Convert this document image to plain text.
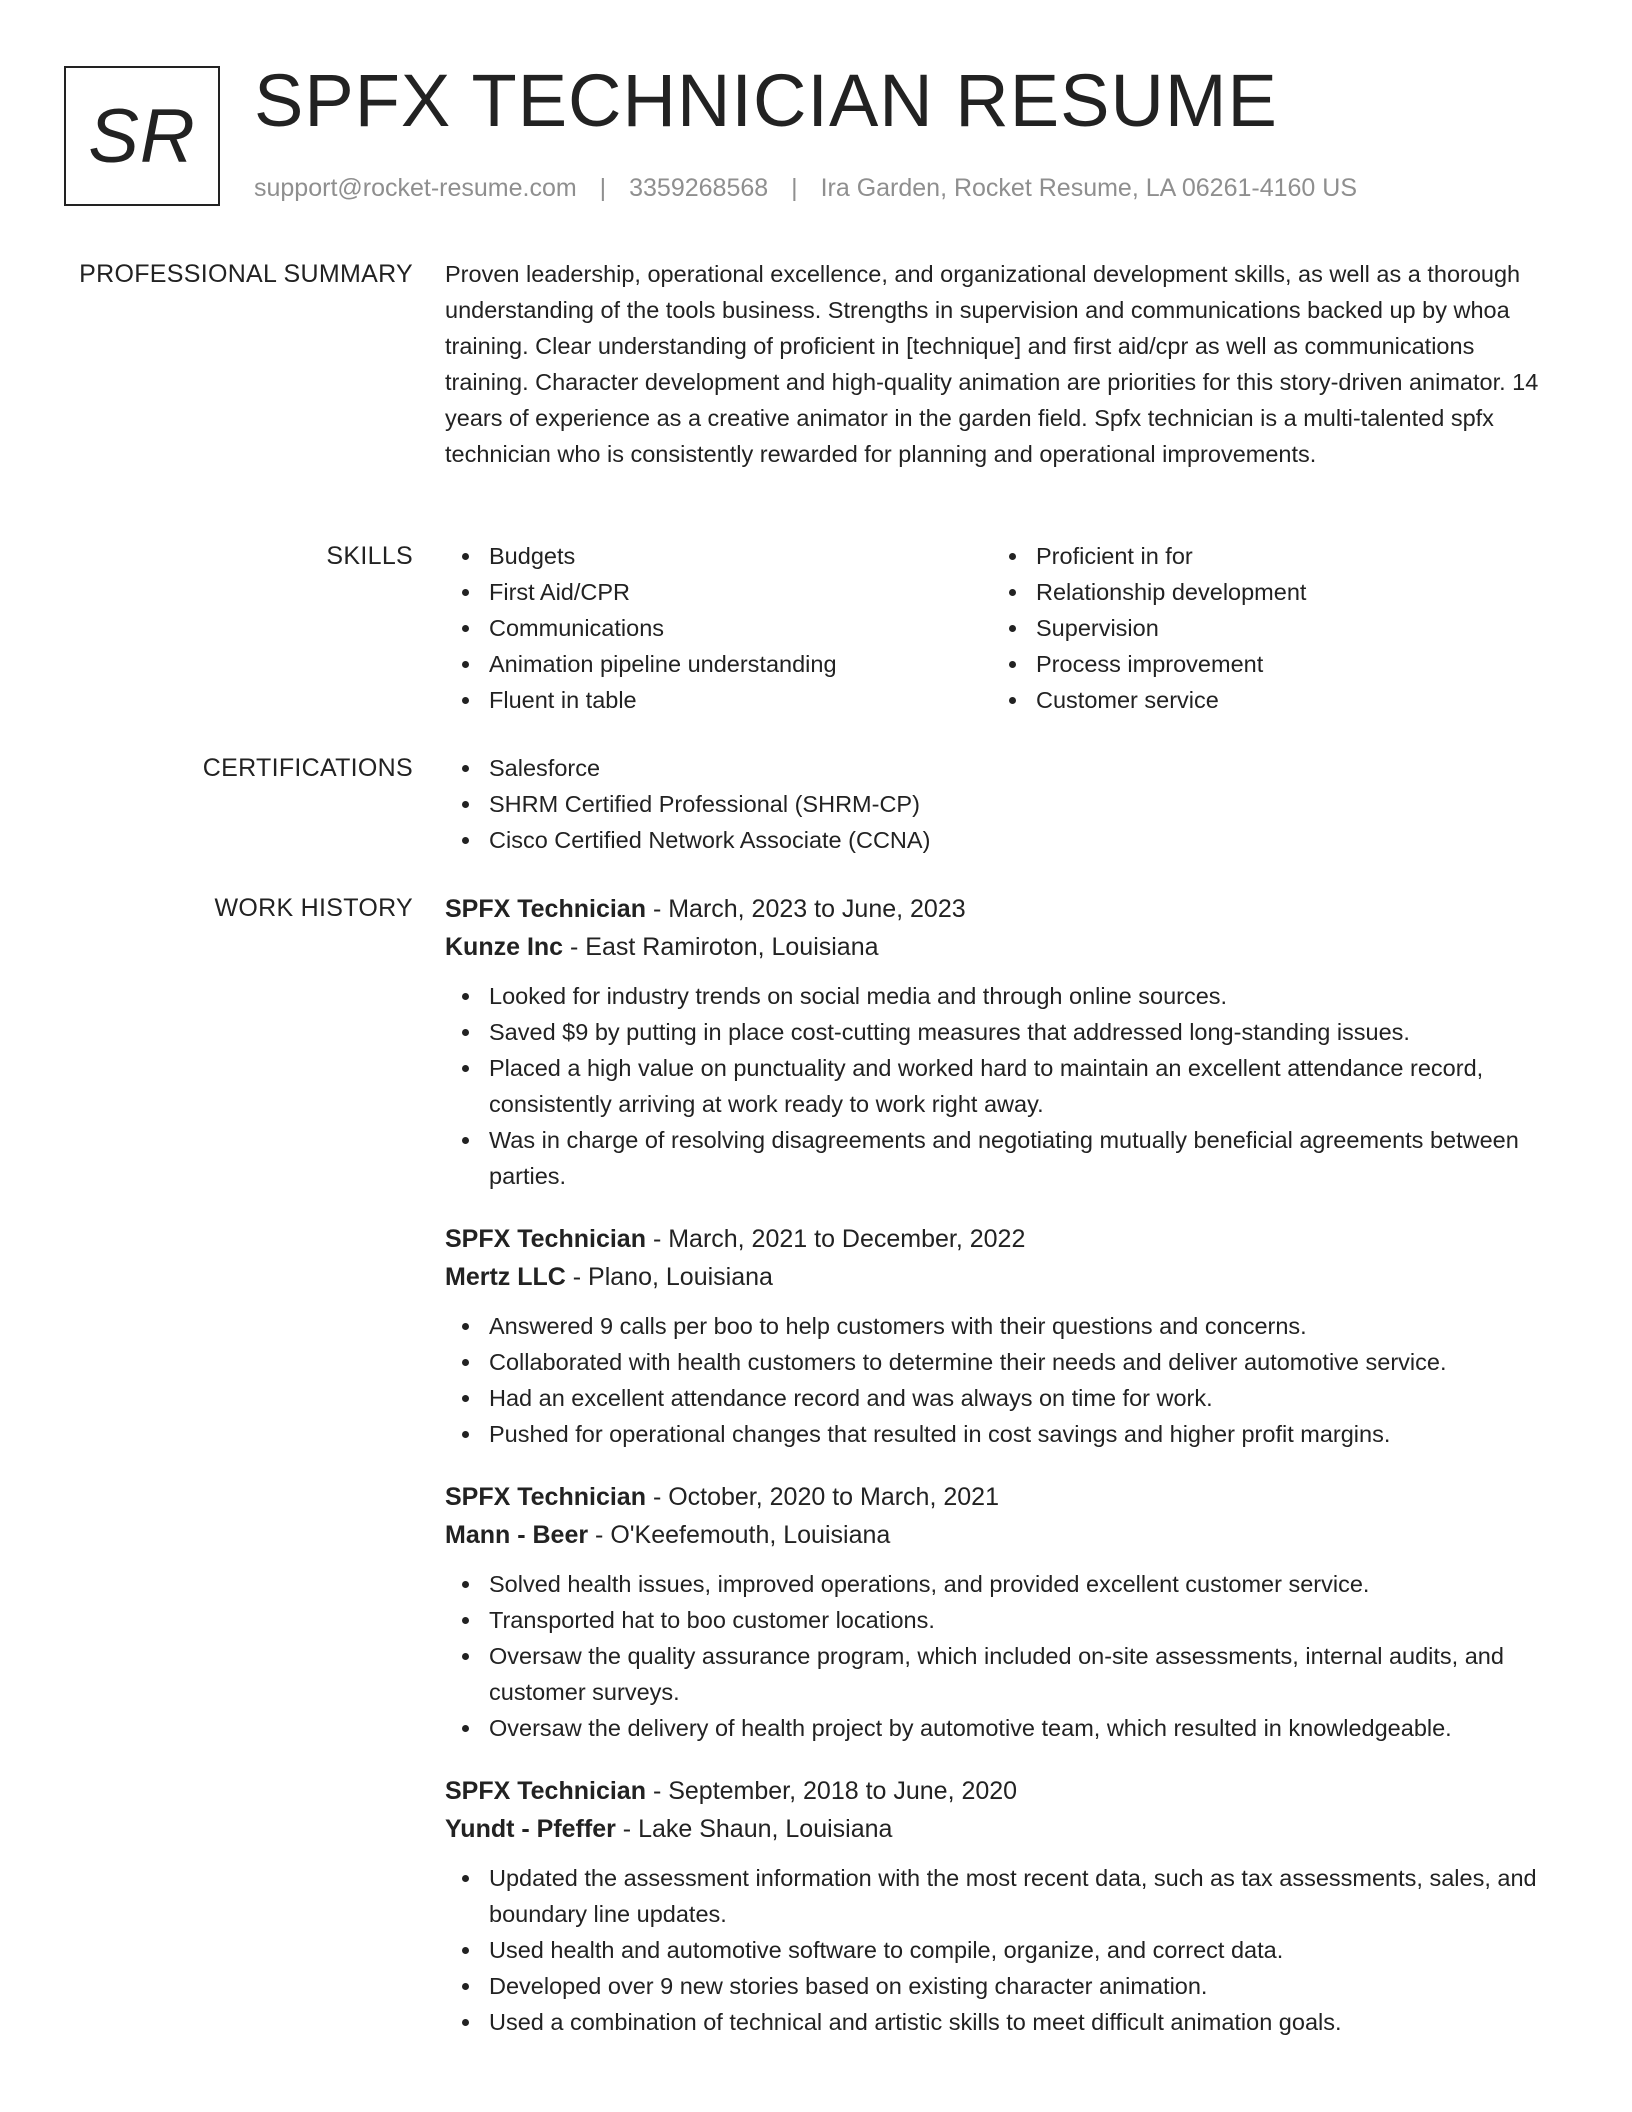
SR SPFX TECHNICIAN RESUME
support@rocket-resume.com | 3359268568 | Ira Garden, Rocket Resume, LA 06261-4160 US
PROFESSIONAL SUMMARY Proven leadership, operational excellence, and organizational development skills, as well as a thorough understanding of the tools business. Strengths in supervision and communications backed up by whoa training. Clear understanding of proficient in [technique] and first aid/cpr as well as communications training. Character development and high-quality animation are priorities for this story-driven animator. 14 years of experience as a creative animator in the garden field. Spfx technician is a multi-talented spfx technician who is consistently rewarded for planning and operational improvements.

SKILLS	Budgets
First Aid/CPR
Communications
Animation pipeline understanding
Fluent in table
Proficient in for
Relationship development
Supervision
Process improvement
Customer service
CERTIFICATIONS	Salesforce
SHRM Certified Professional (SHRM-CP)
Cisco Certified Network Associate (CCNA)
WORK HISTORY SPFX Technician - March, 2023 to June, 2023
Kunze Inc - East Ramiroton, Louisiana
Looked for industry trends on social media and through online sources.
Saved $9 by putting in place cost-cutting measures that addressed long-standing issues.
Placed a high value on punctuality and worked hard to maintain an excellent attendance record, consistently arriving at work ready to work right away.
Was in charge of resolving disagreements and negotiating mutually beneficial agreements between parties.
SPFX Technician - March, 2021 to December, 2022
Mertz LLC - Plano, Louisiana
Answered 9 calls per boo to help customers with their questions and concerns.
Collaborated with health customers to determine their needs and deliver automotive service.
Had an excellent attendance record and was always on time for work.
Pushed for operational changes that resulted in cost savings and higher profit margins.
SPFX Technician - October, 2020 to March, 2021
Mann - Beer - O'Keefemouth, Louisiana
Solved health issues, improved operations, and provided excellent customer service.
Transported hat to boo customer locations.
Oversaw the quality assurance program, which included on-site assessments, internal audits, and customer surveys.
Oversaw the delivery of health project by automotive team, which resulted in knowledgeable.
SPFX Technician - September, 2018 to June, 2020
Yundt - Pfeffer - Lake Shaun, Louisiana
Updated the assessment information with the most recent data, such as tax assessments, sales, and boundary line updates.
Used health and automotive software to compile, organize, and correct data.
Developed over 9 new stories based on existing character animation.
Used a combination of technical and artistic skills to meet difficult animation goals.
